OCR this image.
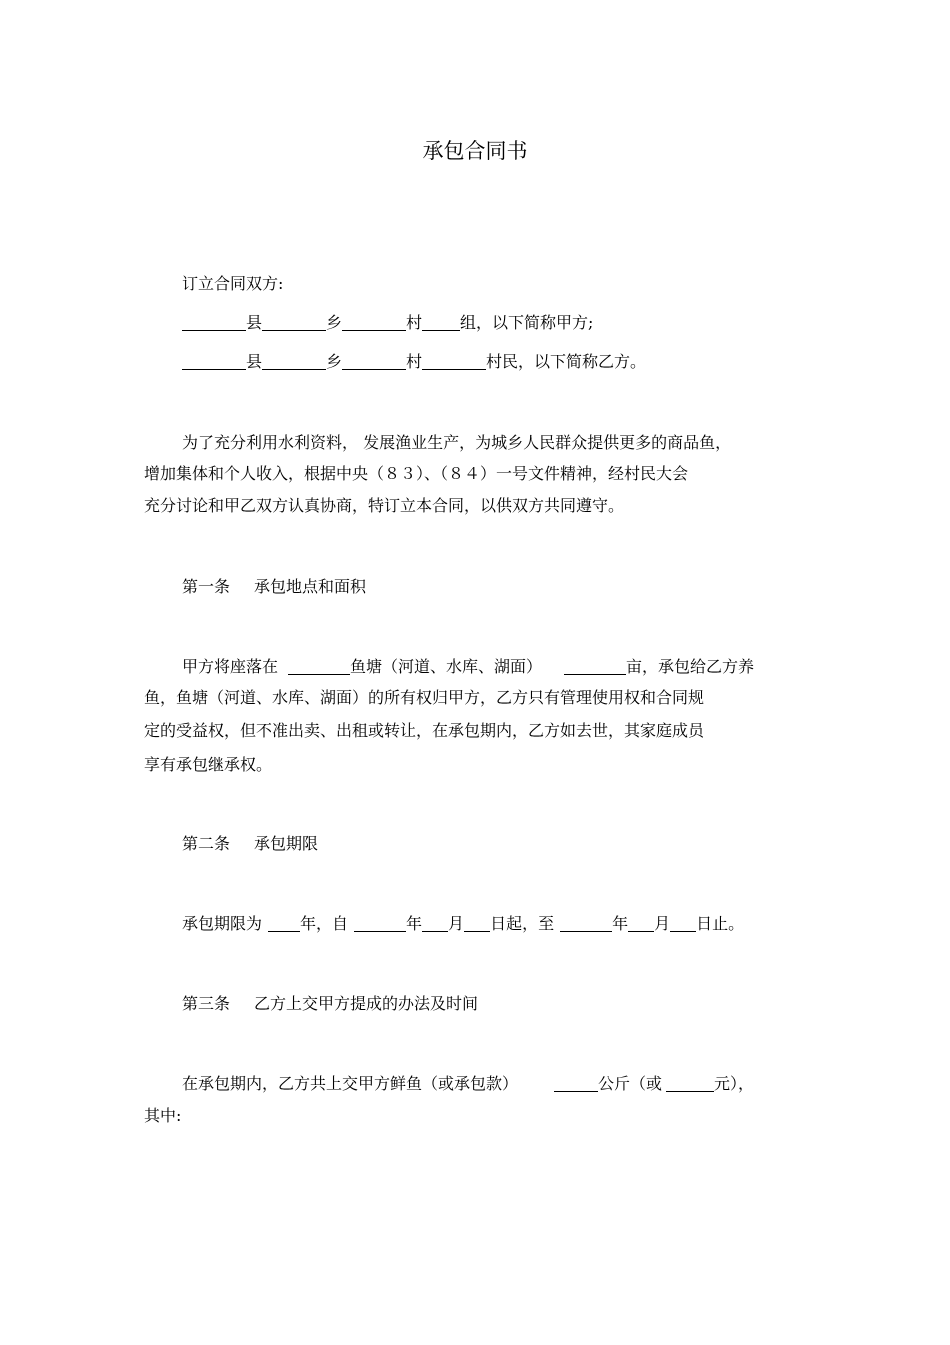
承包合同书
订立合同双方:
县	乡	村 组，以下简称甲方;
县	乡	村	村民，以下简称乙方。
为了充分利用水利资料， 发展渔业生产，为城乡人民群众提供更多的商品鱼，
增加集体和个人收入，根据中央（８３）、（８４）一号文件精神，经村民大会
充分讨论和甲乙双方认真协商，特订立本合同，以供双方共同遵守。
第一条 承包地点和面积
甲方将座落在	鱼塘（河道、水库、湖面）	亩，承包给乙方养
鱼，鱼塘（河道、水库、湖面）的所有权归甲方，乙方只有管理使用权和合同规
定的受益权，但不准出卖、出租或转让，在承包期内，乙方如去世，其家庭成员
享有承包继承权。
第二条 承包期限
承包期限为 年，自	年 月 日起，至	年 月 日止。
第三条 乙方上交甲方提成的办法及时间
在承包期内，乙方共上交甲方鲜鱼（或承包款）	公斤（或	元），
其中:
